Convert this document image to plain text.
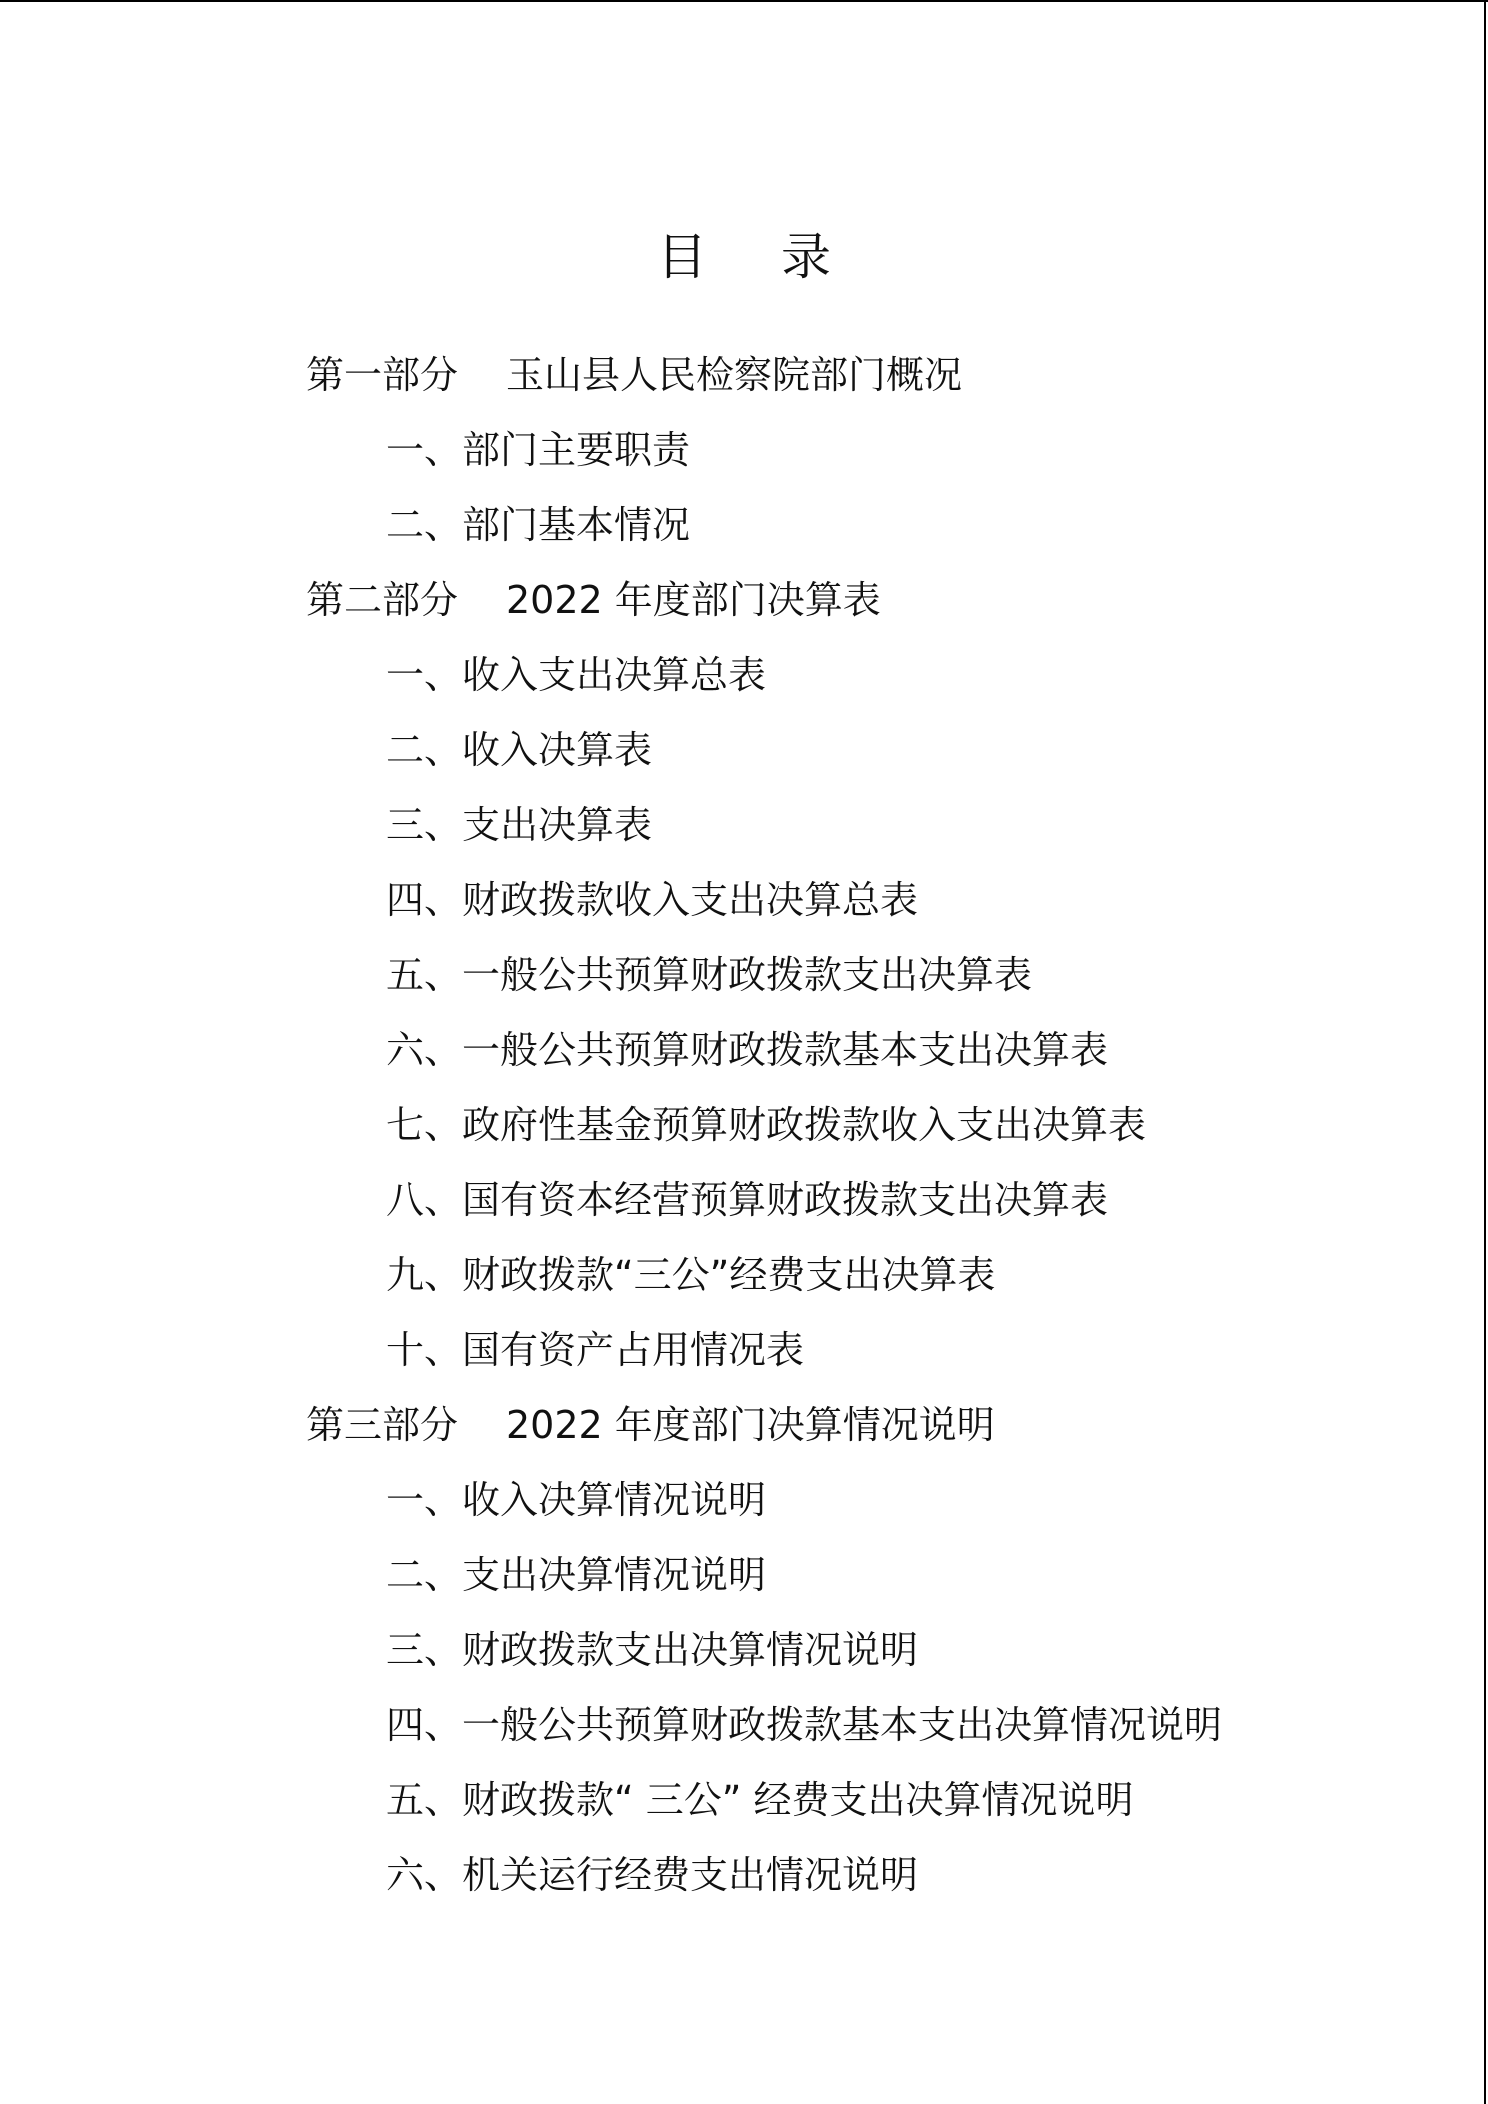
目 录
第一部分 玉山县人民检察院部门概况
一、部门主要职责
二、部门基本情况
第二部分 2022 年度部门决算表
一、收入支出决算总表
二、收入决算表
三、支出决算表
四、财政拨款收入支出决算总表
五、一般公共预算财政拨款支出决算表
六、一般公共预算财政拨款基本支出决算表
七、政府性基金预算财政拨款收入支出决算表
八、国有资本经营预算财政拨款支出决算表
九、财政拨款“三公”经费支出决算表
十、国有资产占用情况表
第三部分 2022 年度部门决算情况说明
一、收入决算情况说明
二、支出决算情况说明
三、财政拨款支出决算情况说明
四、一般公共预算财政拨款基本支出决算情况说明
五、财政拨款“ 三公” 经费支出决算情况说明
六、机关运行经费支出情况说明
